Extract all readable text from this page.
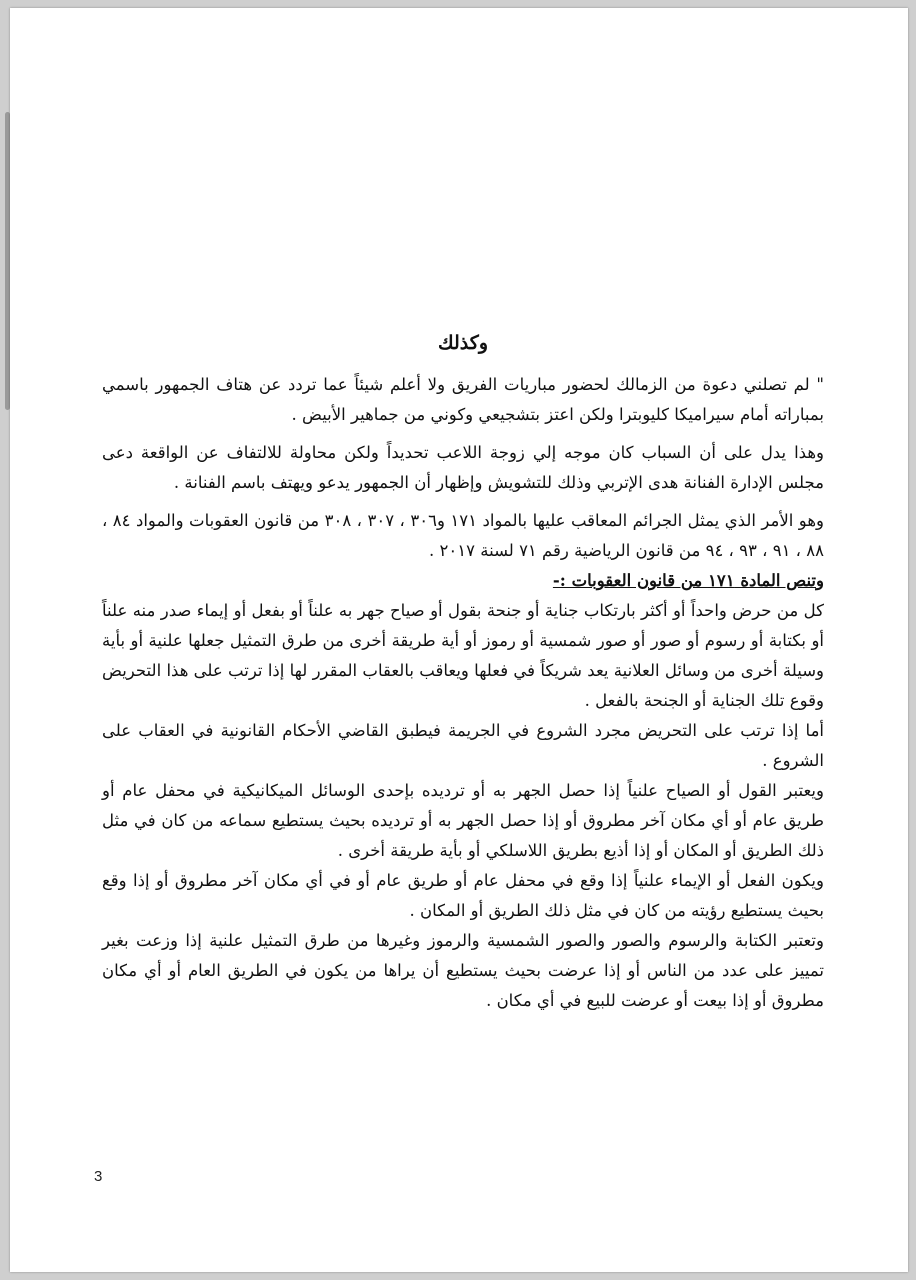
وكذلك

" لم تصلني دعوة من الزمالك لحضور مباريات الفريق ولا أعلم شيئاً عما تردد عن هتاف الجمهور باسمي بمباراته أمام سيراميكا كليوبترا ولكن اعتز بتشجيعي وكوني من جماهير الأبيض .

وهذا يدل على أن السباب كان موجه إلي زوجة اللاعب تحديداً ولكن محاولة للالتفاف عن الواقعة دعى مجلس الإدارة الفنانة هدى الإتربي وذلك للتشويش وإظهار أن الجمهور يدعو ويهتف باسم الفنانة .

وهو الأمر الذي يمثل الجرائم المعاقب عليها بالمواد ١٧١ و٣٠٦ ، ٣٠٧ ، ٣٠٨ من قانون العقوبات والمواد ٨٤ ، ٨٨ ، ٩١ ، ٩٣ ، ٩٤ من قانون الرياضية رقم ٧١ لسنة ٢٠١٧ .

وتنص المادة ١٧١ من قانون العقوبات :-

كل من حرض واحداً أو أكثر بارتكاب جناية أو جنحة بقول أو صياح جهر به علناً أو بفعل أو إيماء صدر منه علناً أو بكتابة أو رسوم أو صور أو صور شمسية أو رموز أو أية طريقة أخرى من طرق التمثيل جعلها علنية أو بأية وسيلة أخرى من وسائل العلانية يعد شريكاً في فعلها ويعاقب بالعقاب المقرر لها إذا ترتب على هذا التحريض وقوع تلك الجناية أو الجنحة بالفعل .

أما إذا ترتب على التحريض مجرد الشروع في الجريمة فيطبق القاضي الأحكام القانونية في العقاب على الشروع .

ويعتبر القول أو الصياح علنياً إذا حصل الجهر به أو ترديده بإحدى الوسائل الميكانيكية في محفل عام أو طريق عام أو أي مكان آخر مطروق أو إذا حصل الجهر به أو ترديده بحيث يستطيع سماعه من كان في مثل ذلك الطريق أو المكان أو إذا أذيع بطريق اللاسلكي أو بأية طريقة أخرى .

ويكون الفعل أو الإيماء علنياً إذا وقع في محفل عام أو طريق عام أو في أي مكان آخر مطروق أو إذا وقع بحيث يستطيع رؤيته من كان في مثل ذلك الطريق أو المكان .

وتعتبر الكتابة والرسوم والصور والصور الشمسية والرموز وغيرها من طرق التمثيل علنية إذا وزعت بغير تمييز على عدد من الناس أو إذا عرضت بحيث يستطيع أن يراها من يكون في الطريق العام أو أي مكان مطروق أو إذا بيعت أو عرضت للبيع في أي مكان .

3
